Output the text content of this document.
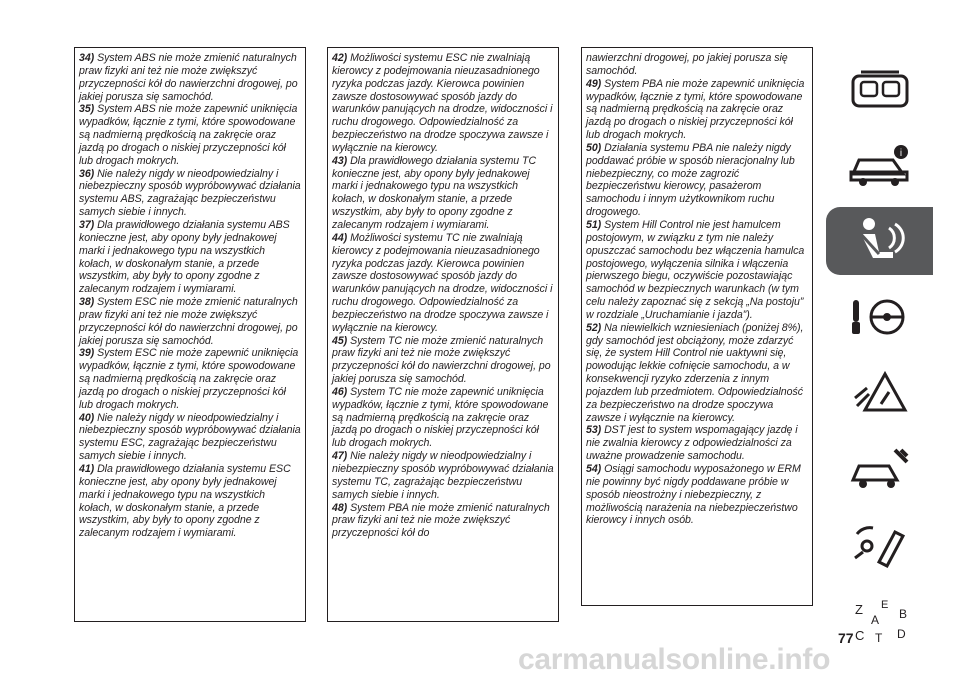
34) System ABS nie może zmienić naturalnych praw fizyki ani też nie może zwiększyć przyczepności kół do nawierzchni drogowej, po jakiej porusza się samochód.

35) System ABS nie może zapewnić uniknięcia wypadków, łącznie z tymi, które spowodowane są nadmierną prędkością na zakręcie oraz jazdą po drogach o niskiej przyczepności kół lub drogach mokrych.

36) Nie należy nigdy w nieodpowiedzialny i niebezpieczny sposób wypróbowywać działania systemu ABS, zagrażając bezpieczeństwu samych siebie i innych.

37) Dla prawidłowego działania systemu ABS konieczne jest, aby opony były jednakowej marki i jednakowego typu na wszystkich kołach, w doskonałym stanie, a przede wszystkim, aby były to opony zgodne z zalecanym rodzajem i wymiarami.

38) System ESC nie może zmienić naturalnych praw fizyki ani też nie może zwiększyć przyczepności kół do nawierzchni drogowej, po jakiej porusza się samochód.

39) System ESC nie może zapewnić uniknięcia wypadków, łącznie z tymi, które spowodowane są nadmierną prędkością na zakręcie oraz jazdą po drogach o niskiej przyczepności kół lub drogach mokrych.

40) Nie należy nigdy w nieodpowiedzialny i niebezpieczny sposób wypróbowywać działania systemu ESC, zagrażając bezpieczeństwu samych siebie i innych.

41) Dla prawidłowego działania systemu ESC konieczne jest, aby opony były jednakowej marki i jednakowego typu na wszystkich kołach, w doskonałym stanie, a przede wszystkim, aby były to opony zgodne z zalecanym rodzajem i wymiarami.

42) Możliwości systemu ESC nie zwalniają kierowcy z podejmowania nieuzasadnionego ryzyka podczas jazdy. Kierowca powinien zawsze dostosowywać sposób jazdy do warunków panujących na drodze, widoczności i ruchu drogowego. Odpowiedzialność za bezpieczeństwo na drodze spoczywa zawsze i wyłącznie na kierowcy.

43) Dla prawidłowego działania systemu TC konieczne jest, aby opony były jednakowej marki i jednakowego typu na wszystkich kołach, w doskonałym stanie, a przede wszystkim, aby były to opony zgodne z zalecanym rodzajem i wymiarami.

44) Możliwości systemu TC nie zwalniają kierowcy z podejmowania nieuzasadnionego ryzyka podczas jazdy. Kierowca powinien zawsze dostosowywać sposób jazdy do warunków panujących na drodze, widoczności i ruchu drogowego. Odpowiedzialność za bezpieczeństwo na drodze spoczywa zawsze i wyłącznie na kierowcy.

45) System TC nie może zmienić naturalnych praw fizyki ani też nie może zwiększyć przyczepności kół do nawierzchni drogowej, po jakiej porusza się samochód.

46) System TC nie może zapewnić uniknięcia wypadków, łącznie z tymi, które spowodowane są nadmierną prędkością na zakręcie oraz jazdą po drogach o niskiej przyczepności kół lub drogach mokrych.

47) Nie należy nigdy w nieodpowiedzialny i niebezpieczny sposób wypróbowywać działania systemu TC, zagrażając bezpieczeństwu samych siebie i innych.

48) System PBA nie może zmienić naturalnych praw fizyki ani też nie może zwiększyć przyczepności kół do

nawierzchni drogowej, po jakiej porusza się samochód.

49) System PBA nie może zapewnić uniknięcia wypadków, łącznie z tymi, które spowodowane są nadmierną prędkością na zakręcie oraz jazdą po drogach o niskiej przyczepności kół lub drogach mokrych.

50) Działania systemu PBA nie należy nigdy poddawać próbie w sposób nieracjonalny lub niebezpieczny, co może zagrozić bezpieczeństwu kierowcy, pasażerom samochodu i innym użytkownikom ruchu drogowego.

51) System Hill Control nie jest hamulcem postojowym, w związku z tym nie należy opuszczać samochodu bez włączenia hamulca postojowego, wyłączenia silnika i włączenia pierwszego biegu, oczywiście pozostawiając samochód w bezpiecznych warunkach (w tym celu należy zapoznać się z sekcją „Na postoju” w rozdziale „Uruchamianie i jazda”).

52) Na niewielkich wzniesieniach (poniżej 8%), gdy samochód jest obciążony, może zdarzyć się, że system Hill Control nie uaktywni się, powodując lekkie cofnięcie samochodu, a w konsekwencji ryzyko zderzenia z innym pojazdem lub przedmiotem. Odpowiedzialność za bezpieczeństwo na drodze spoczywa zawsze i wyłącznie na kierowcy.

53) DST jest to system wspomagający jazdę i nie zwalnia kierowcy z odpowiedzialności za uważne prowadzenie samochodu.

54) Osiągi samochodu wyposażonego w ERM nie powinny być nigdy poddawane próbie w sposób nieostrożny i niebezpieczny, z możliwością narażenia na niebezpieczeństwo kierowcy i innych osób.

i
Z E
B
A
C T D
77
carmanualsonline.info
